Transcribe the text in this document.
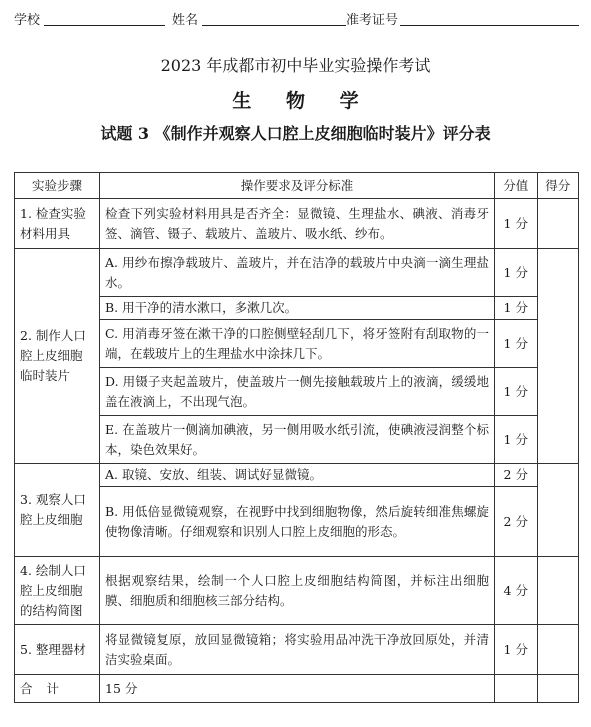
学校	姓名	准考证号
2023 年成都市初中毕业实验操作考试
生 物 学
试题 3 《制作并观察人口腔上皮细胞临时装片》评分表
实验步骤	操作要求及评分标准	分值	得分
1. 检查实验材料用具	检查下列实验材料用具是否齐全：显微镜、生理盐水、碘液、消毒牙签、滴管、镊子、载玻片、盖玻片、吸水纸、纱布。	1 分	
2. 制作人口腔上皮细胞临时装片	A. 用纱布擦净载玻片、盖玻片，并在洁净的载玻片中央滴一滴生理盐水。	1 分	
	B. 用干净的清水漱口，多漱几次。	1 分	
	C. 用消毒牙签在漱干净的口腔侧壁轻刮几下，将牙签附有刮取物的一端，在载玻片上的生理盐水中涂抹几下。	1 分	
	D. 用镊子夹起盖玻片，使盖玻片一侧先接触载玻片上的液滴，缓缓地盖在液滴上，不出现气泡。	1 分	
	E. 在盖玻片一侧滴加碘液，另一侧用吸水纸引流，使碘液浸润整个标本，染色效果好。	1 分	
3. 观察人口腔上皮细胞	A. 取镜、安放、组装、调试好显微镜。	2 分	
	B. 用低倍显微镜观察，在视野中找到细胞物像，然后旋转细准焦螺旋使物像清晰。仔细观察和识别人口腔上皮细胞的形态。	2 分	
4. 绘制人口腔上皮细胞的结构简图	根据观察结果，绘制一个人口腔上皮细胞结构简图，并标注出细胞膜、细胞质和细胞核三部分结构。	4 分	
5. 整理器材	将显微镜复原，放回显微镜箱；将实验用品冲洗干净放回原处，并清洁实验桌面。	1 分	
合计	15 分		
